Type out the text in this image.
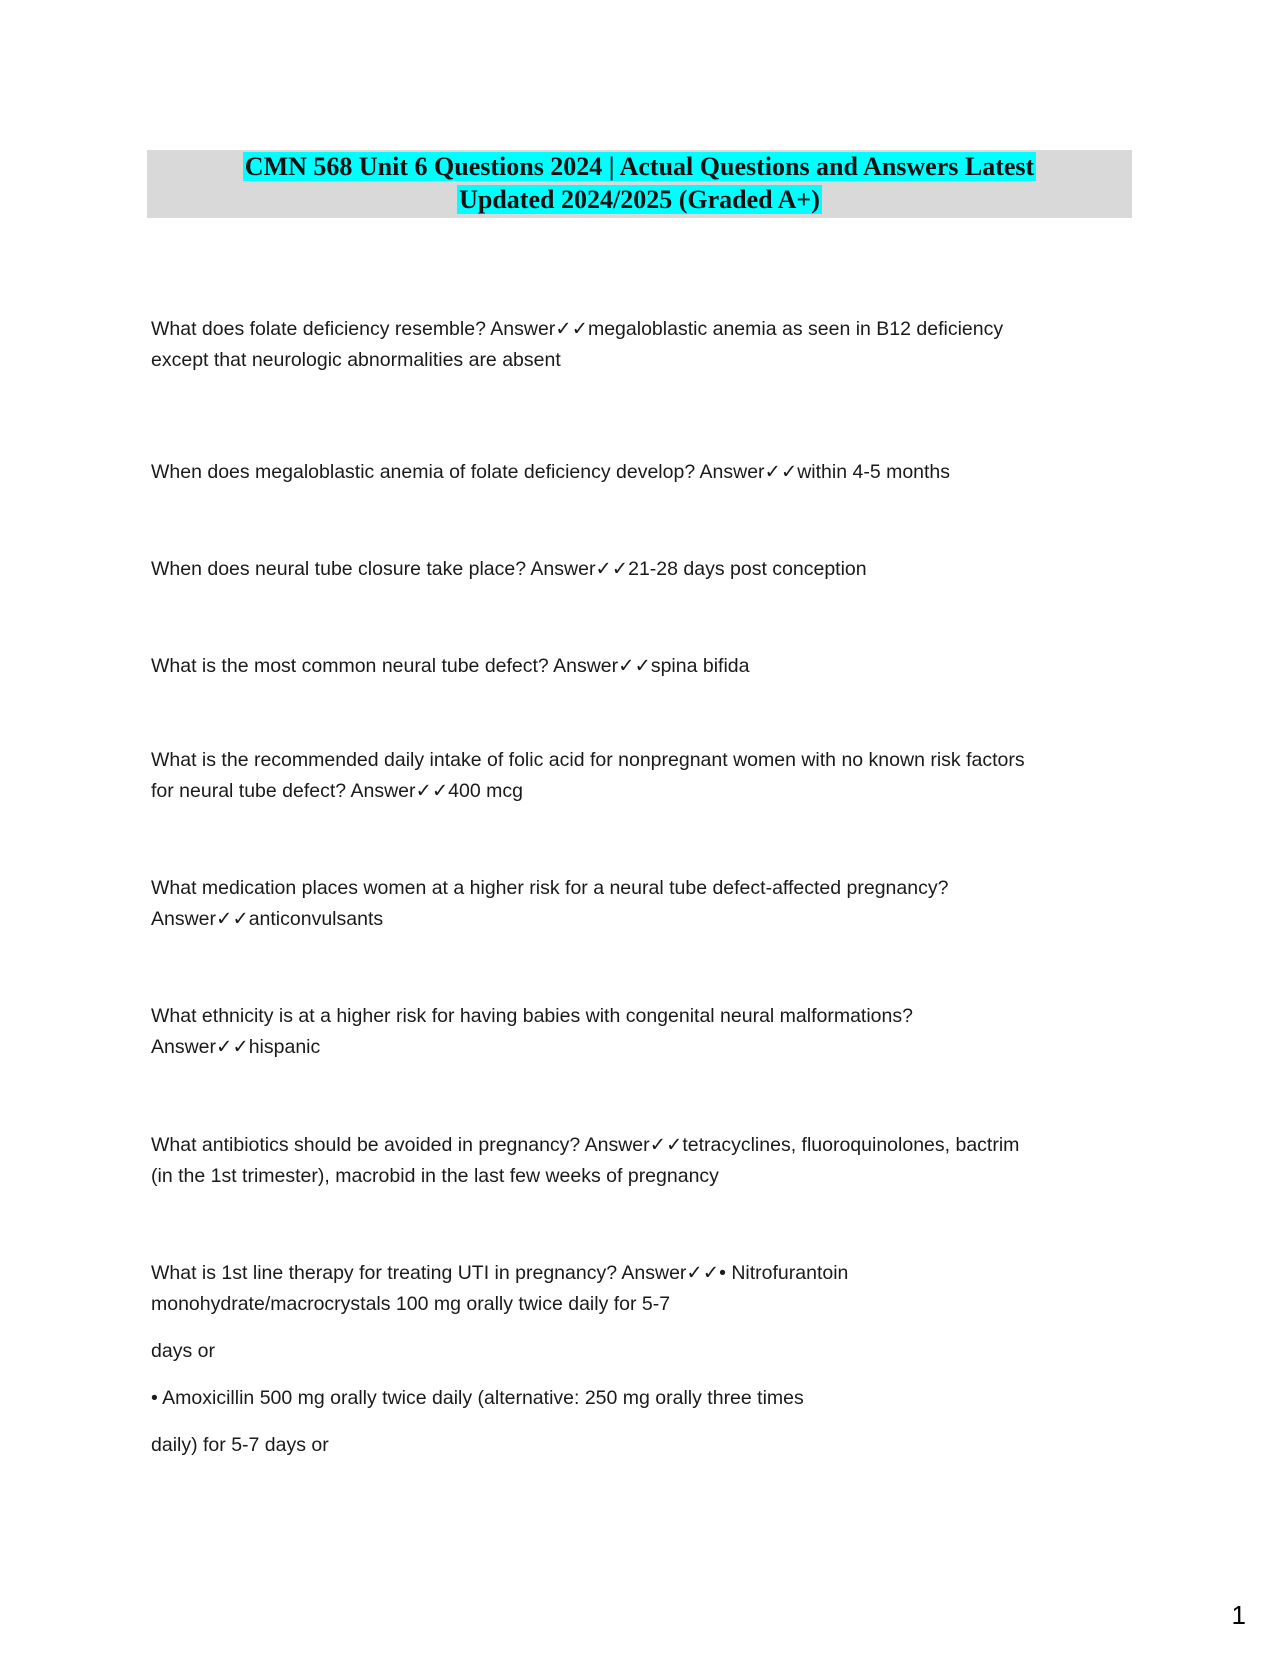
CMN 568 Unit 6 Questions 2024 | Actual Questions and Answers Latest
Updated 2024/2025 (Graded A+)

What does folate deficiency resemble? Answer✓✓megaloblastic anemia as seen in B12 deficiency

except that neurologic abnormalities are absent

When does megaloblastic anemia of folate deficiency develop? Answer✓✓within 4-5 months

When does neural tube closure take place? Answer✓✓21-28 days post conception

What is the most common neural tube defect? Answer✓✓spina bifida

What is the recommended daily intake of folic acid for nonpregnant women with no known risk factors

for neural tube defect? Answer✓✓400 mcg

What medication places women at a higher risk for a neural tube defect-affected pregnancy?

Answer✓✓anticonvulsants

What ethnicity is at a higher risk for having babies with congenital neural malformations?

Answer✓✓hispanic

What antibiotics should be avoided in pregnancy? Answer✓✓tetracyclines, fluoroquinolones, bactrim

(in the 1st trimester), macrobid in the last few weeks of pregnancy

What is 1st line therapy for treating UTI in pregnancy? Answer✓✓• Nitrofurantoin

monohydrate/macrocrystals 100 mg orally twice daily for 5-7

days or

• Amoxicillin 500 mg orally twice daily (alternative: 250 mg orally three times

daily) for 5-7 days or

1
